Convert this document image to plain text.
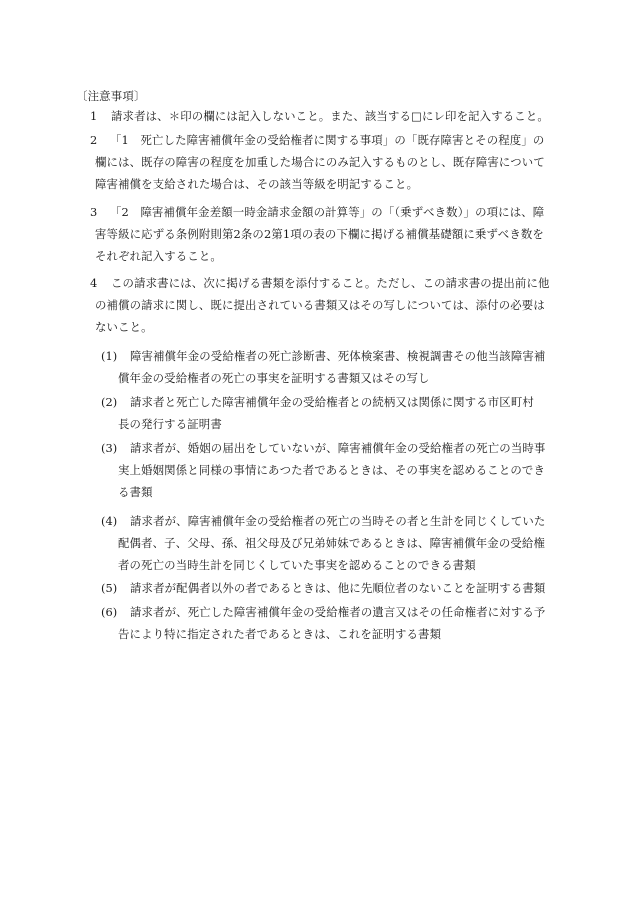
〔注意事項〕
1 請求者は、＊印の欄には記入しないこと。また、該当する□にレ印を記入すること。
2 「1　死亡した障害補償年金の受給権者に関する事項」の「既存障害とその程度」の
欄には、既存の障害の程度を加重した場合にのみ記入するものとし、既存障害について
障害補償を支給された場合は、その該当等級を明記すること。
3 「2　障害補償年金差額一時金請求金額の計算等」の「（乗ずべき数）」の項には、障
害等級に応ずる条例附則第2条の2第1項の表の下欄に掲げる補償基礎額に乗ずべき数を
それぞれ記入すること。
4 この請求書には、次に掲げる書類を添付すること。ただし、この請求書の提出前に他
の補償の請求に関し、既に提出されている書類又はその写しについては、添付の必要は
ないこと。
(1) 障害補償年金の受給権者の死亡診断書、死体検案書、検視調書その他当該障害補
償年金の受給権者の死亡の事実を証明する書類又はその写し
(2) 請求者と死亡した障害補償年金の受給権者との続柄又は関係に関する市区町村
長の発行する証明書
(3) 請求者が、婚姻の届出をしていないが、障害補償年金の受給権者の死亡の当時事
実上婚姻関係と同様の事情にあつた者であるときは、その事実を認めることのでき
る書類
(4) 請求者が、障害補償年金の受給権者の死亡の当時その者と生計を同じくしていた
配偶者、子、父母、孫、祖父母及び兄弟姉妹であるときは、障害補償年金の受給権
者の死亡の当時生計を同じくしていた事実を認めることのできる書類
(5) 請求者が配偶者以外の者であるときは、他に先順位者のないことを証明する書類
(6) 請求者が、死亡した障害補償年金の受給権者の遺言又はその任命権者に対する予
告により特に指定された者であるときは、これを証明する書類
